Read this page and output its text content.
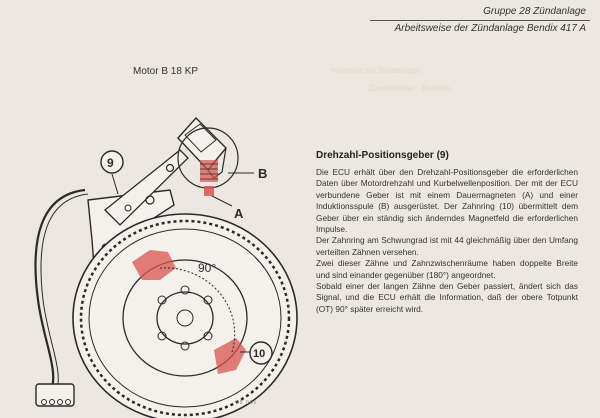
Gruppe 28 Zündanlage
Arbeitsweise der Zündanlage Bendix 417 A
Motor B 18 KP	Hinweise zur Zündanlage
Zündverteiler · Bauteile
90°
B
A
9
10
28 005
Drehzahl-Positionsgeber (9)

Die ECU erhält über den Drehzahl-Positionsgeber die erforderlichen Daten über Motordrehzahl und Kurbelwellenposition. Der mit der ECU verbundene Geber ist mit einem Dauermagneten (A) und einer Induktionsspule (B) ausgerüstet. Der Zahnring (10) übermittelt dem Geber über ein ständig sich änderndes Magnetfeld die erforderlichen Impulse.

Der Zahnring am Schwungrad ist mit 44 gleichmäßig über den Umfang verteilten Zähnen versehen.

Zwei dieser Zähne und Zahnzwischenräume haben doppelte Breite und sind einander gegenüber (180°) angeordnet.

Sobald einer der langen Zähne den Geber passiert, ändert sich das Signal, und die ECU erhält die Information, daß der obere Totpunkt (OT) 90° später erreicht wird.
